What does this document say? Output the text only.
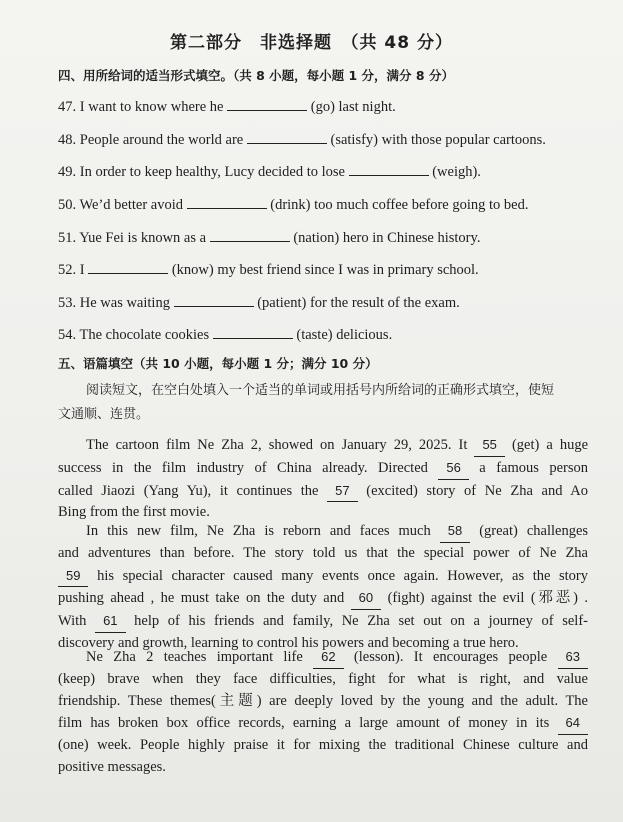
第二部分　非选择题　（共 48 分）
四、用所给词的适当形式填空。（共 8 小题，每小题 1 分，满分 8 分）
47. I want to know where he	(go) last night.
48. People around the world are	(satisfy) with those popular cartoons.
49. In order to keep healthy, Lucy decided to lose	(weigh).
50. We’d better avoid	(drink) too much coffee before going to bed.
51. Yue Fei is known as a	(nation) hero in Chinese history.
52. I	(know) my best friend since I was in primary school.
53. He was waiting	(patient) for the result of the exam.
54. The chocolate cookies	(taste) delicious.
五、语篇填空（共 10 小题，每小题 1 分；满分 10 分）
阅读短文，在空白处填入一个适当的单词或用括号内所给词的正确形式填空，使短
文通顺、连贯。
The cartoon film Ne Zha 2, showed on January 29, 2025. It 55 (get) a huge
success in the film industry of China already. Directed 56 a famous person
called Jiaozi (Yang Yu), it continues the 57 (excited) story of Ne Zha and Ao
Bing from the first movie.
In this new film, Ne Zha is reborn and faces much 58 (great) challenges
and adventures than before. The story told us that the special power of Ne Zha
59 his special character caused many events once again. However, as the story
pushing ahead , he must take on the duty and 60 (fight) against the evil (邪恶) .
With 61 help of his friends and family, Ne Zha set out on a journey of self-
discovery and growth, learning to control his powers and becoming a true hero.
Ne Zha 2 teaches important life 62 (lesson). It encourages people 63
(keep) brave when they face difficulties, fight for what is right, and value
friendship. These themes(主题) are deeply loved by the young and the adult. The
film has broken box office records, earning a large amount of money in its 64
(one) week. People highly praise it for mixing the traditional Chinese culture and
positive messages.
